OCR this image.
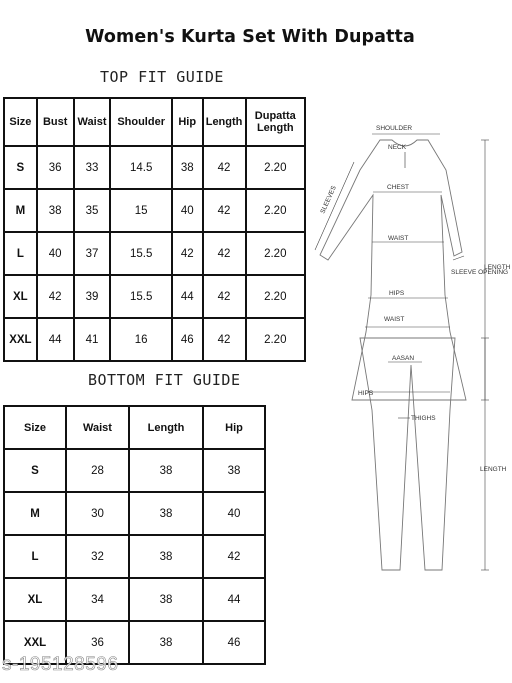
Women's Kurta Set With Dupatta
TOP FIT GUIDE
Size	Bust	Waist	Shoulder	Hip	Length	Dupatta Length
S	36	33	14.5	38	42	2.20
M	38	35	15	40	42	2.20
L	40	37	15.5	42	42	2.20
XL	42	39	15.5	44	42	2.20
XXL	44	41	16	46	42	2.20
BOTTOM FIT GUIDE
Size	Waist	Length	Hip
S	28	38	38
M	30	38	40
L	32	38	42
XL	34	38	44
XXL	36	38	46
SHOULDER
NECK
CHEST
SLEEVES
WAIST
HIPS
SLEEVE OPENING
LENGTH
WAIST
AASAN
HIPS
THIGHS
LENGTH
s-195128596
